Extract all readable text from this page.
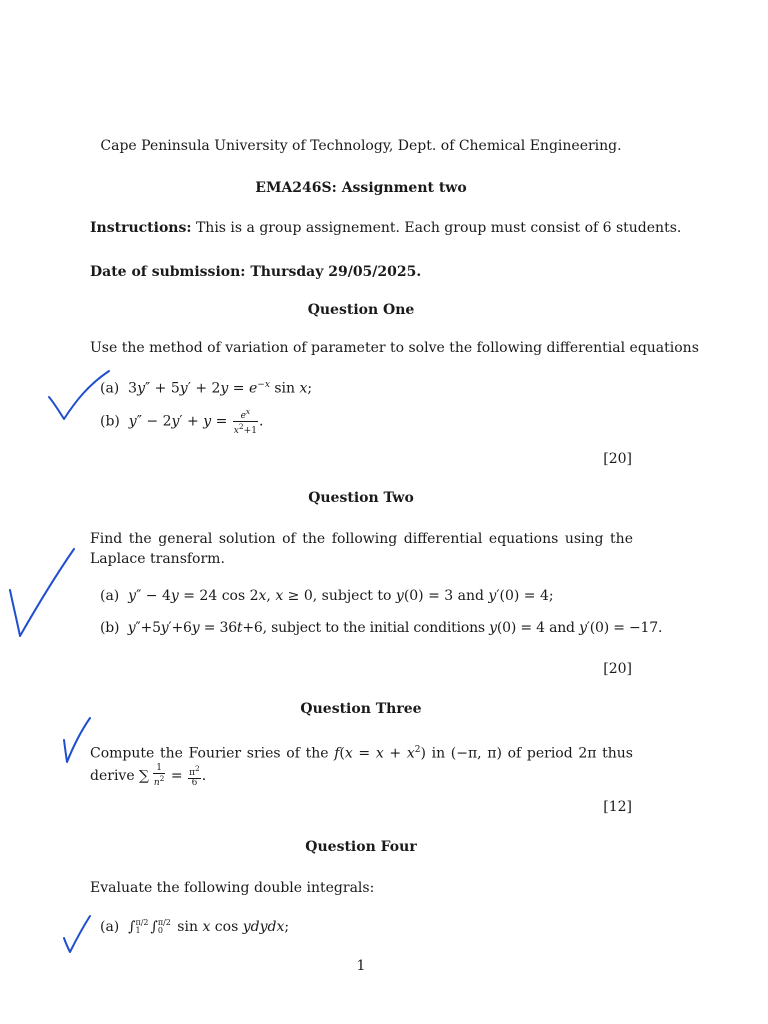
Cape Peninsula University of Technology, Dept. of Chemical Engineering.
EMA246S: Assignment two
Instructions: This is a group assignement. Each group must consist of 6 students.
Date of submission: Thursday 29/05/2025.
Question One
Use the method of variation of parameter to solve the following differential equations
(a)  $3y'' + 5y' + 2y = e^{-x}$ sin x;
(b)  $y'' - 2y' + y = \frac{e^x}{x^2+1}$ .
[20]
Question Two
Find the general solution of the following differential equations using the Laplace transform.
(a)  y″ − 4y = 24 cos 2x, x ≥ 0, subject to y(0) = 3 and y′(0) = 4;
(b)  y″+5y′+6y = 36t+6, subject to the initial conditions y(0) = 4 and y′(0) = −17.
[20]
Question Three
Compute the Fourier sries of the $f(x = x + x^2)$ in (−π, π) of period 2π thus derive ∑  $\frac{1}{n^2} = \frac{\pi^2}{6}$ .
[12]
Question Four
Evaluate the following double integrals:
(a)  ∫ π/2
1 ∫ π/2
0 sin x cos ydydx;
1
